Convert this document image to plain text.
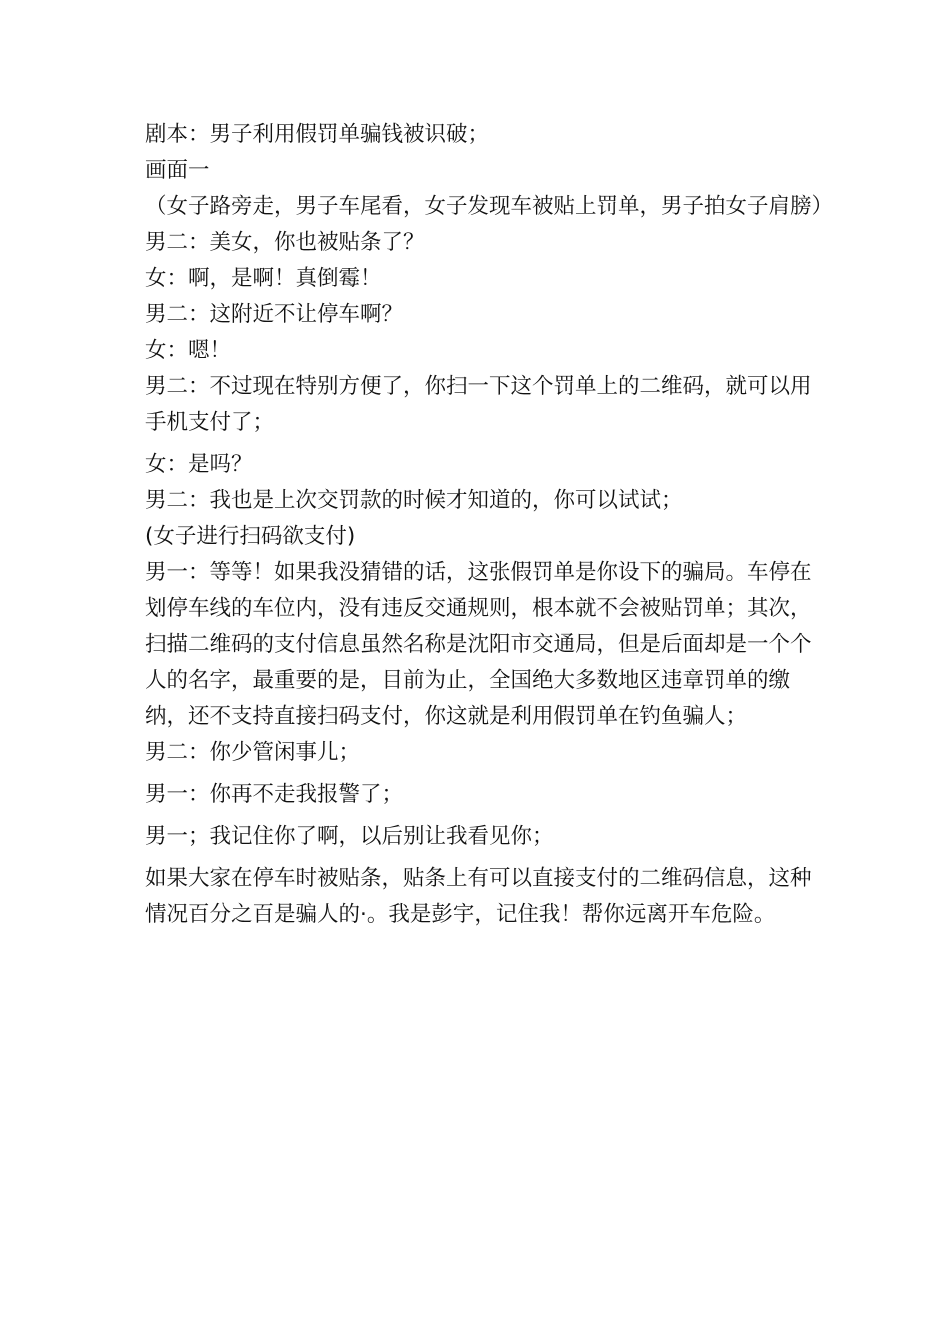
剧本：男子利用假罚单骗钱被识破；

画面一

（女子路旁走，男子车尾看，女子发现车被贴上罚单，男子拍女子肩膀）

男二：美女，你也被贴条了？

女：啊，是啊！真倒霉！

男二：这附近不让停车啊？

女：嗯！

男二：不过现在特别方便了，你扫一下这个罚单上的二维码，就可以用手机支付了；

女：是吗？

男二：我也是上次交罚款的时候才知道的，你可以试试；

(女子进行扫码欲支付)

男一：等等！如果我没猜错的话，这张假罚单是你设下的骗局。车停在划停车线的车位内，没有违反交通规则，根本就不会被贴罚单；其次，扫描二维码的支付信息虽然名称是沈阳市交通局，但是后面却是一个个人的名字，最重要的是，目前为止，全国绝大多数地区违章罚单的缴纳，还不支持直接扫码支付，你这就是利用假罚单在钓鱼骗人；

男二：你少管闲事儿；

男一：你再不走我报警了；

男一；我记住你了啊，以后别让我看见你；

如果大家在停车时被贴条，贴条上有可以直接支付的二维码信息，这种情况百分之百是骗人的·。我是彭宇，记住我！帮你远离开车危险。
